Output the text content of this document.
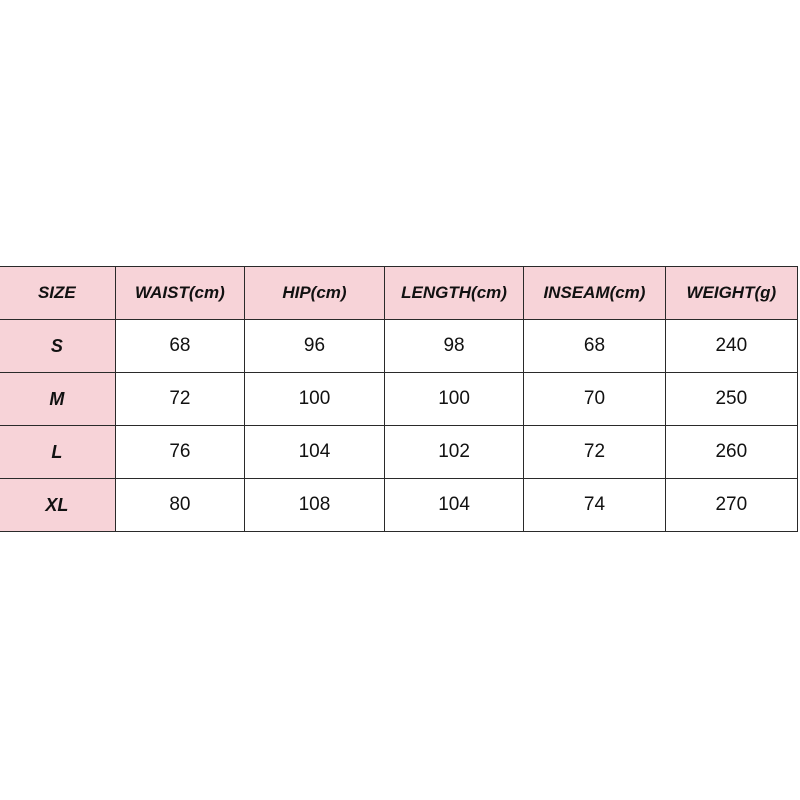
SIZE	WAIST(cm)	HIP(cm)	LENGTH(cm)	INSEAM(cm)	WEIGHT(g)
S	68	96	98	68	240
M	72	100	100	70	250
L	76	104	102	72	260
XL	80	108	104	74	270
